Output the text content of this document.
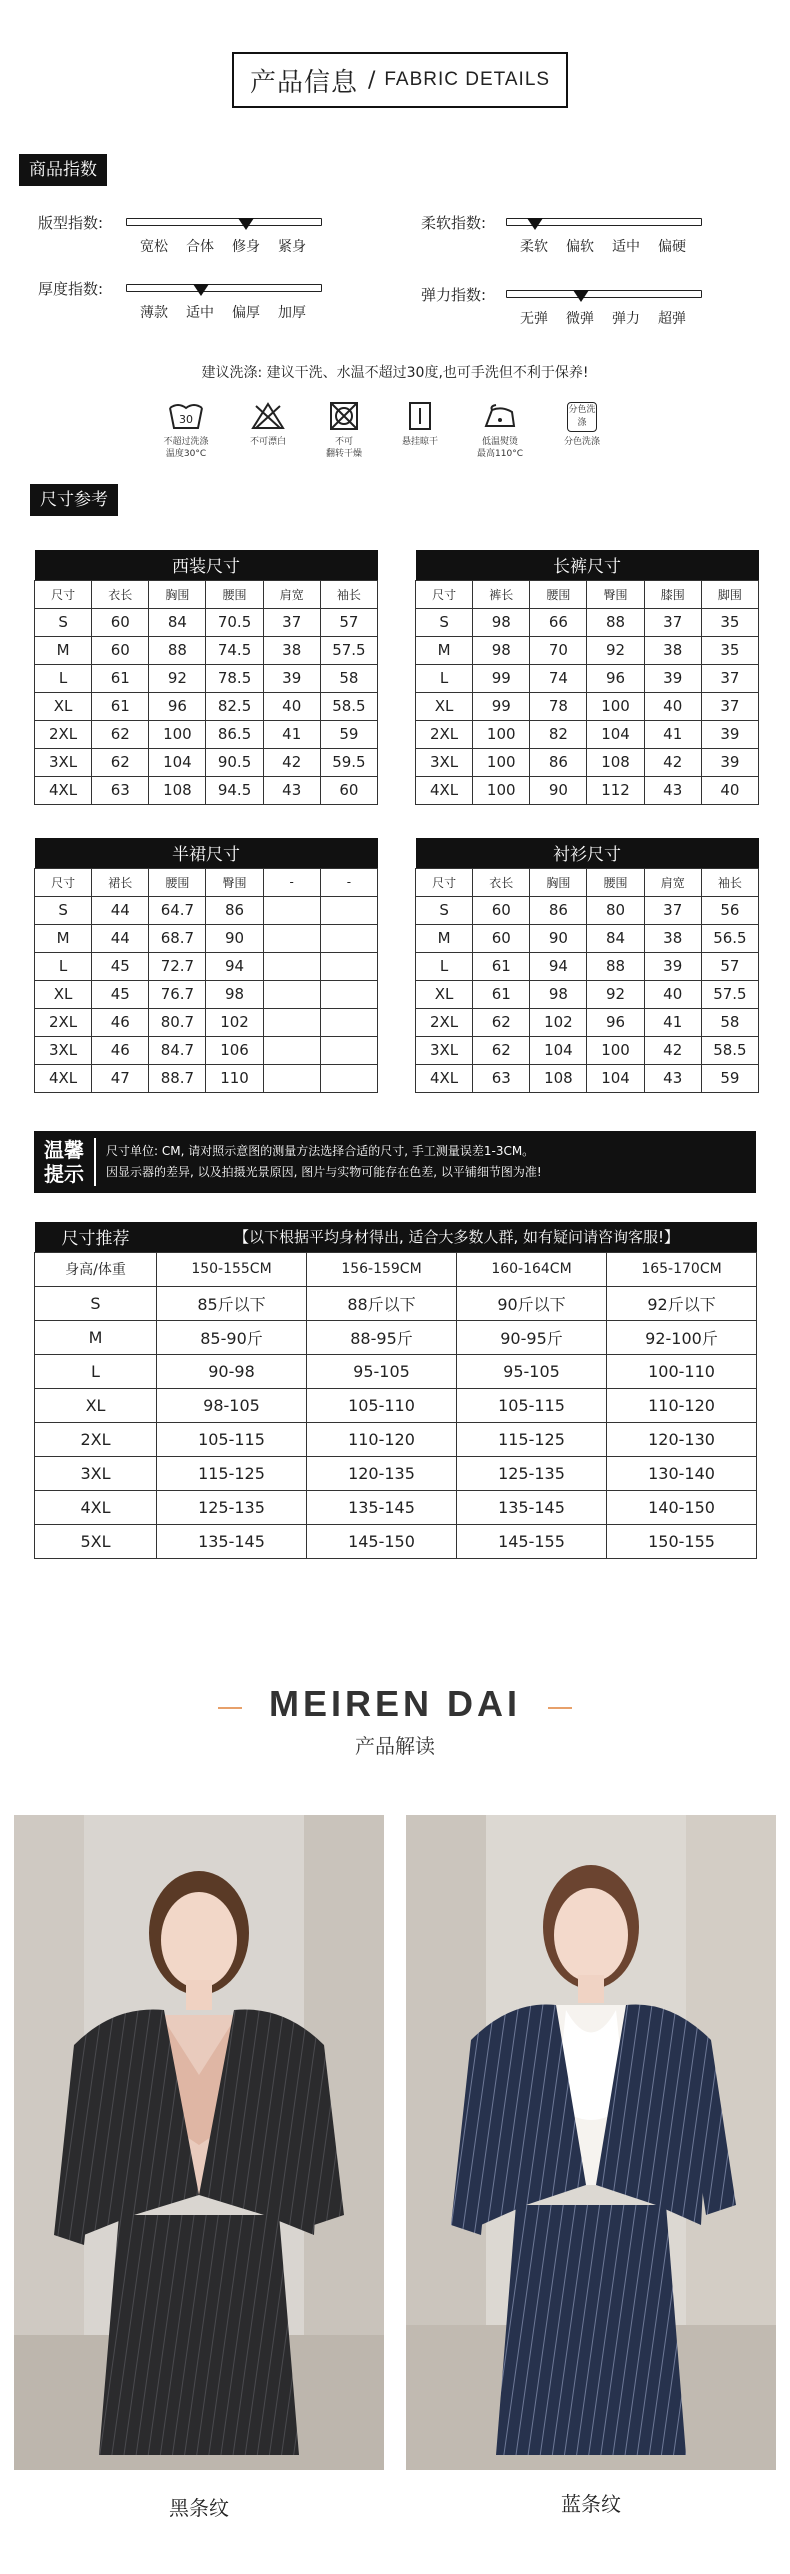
产品信息 / FABRIC DETAILS
商品指数
版型指数:
宽松 合体 修身 紧身
柔软指数:
柔软 偏软 适中 偏硬
厚度指数:
薄款 适中 偏厚 加厚
弹力指数:
无弹 微弹 弹力 超弹
建议洗涤: 建议干洗、水温不超过30度,也可手洗但不利于保养!
30
不超过洗涤
温度30°C
不可漂白	不可
翻转干燥
悬挂晾干	低温熨烫
最高110°C
分色洗涤
分色洗涤
尺寸参考
西装尺寸					
尺寸	衣长	胸围	腰围	肩宽	袖长
S	60	84	70.5	37	57
M	60	88	74.5	38	57.5
L	61	92	78.5	39	58
XL	61	96	82.5	40	58.5
2XL	62	100	86.5	41	59
3XL	62	104	90.5	42	59.5
4XL	63	108	94.5	43	60
长裤尺寸					
尺寸	裤长	腰围	臀围	膝围	脚围
S	98	66	88	37	35
M	98	70	92	38	35
L	99	74	96	39	37
XL	99	78	100	40	37
2XL	100	82	104	41	39
3XL	100	86	108	42	39
4XL	100	90	112	43	40
半裙尺寸					
尺寸	裙长	腰围	臀围	-	-
S	44	64.7	86		
M	44	68.7	90		
L	45	72.7	94		
XL	45	76.7	98		
2XL	46	80.7	102		
3XL	46	84.7	106		
4XL	47	88.7	110		
衬衫尺寸					
尺寸	衣长	胸围	腰围	肩宽	袖长
S	60	86	80	37	56
M	60	90	84	38	56.5
L	61	94	88	39	57
XL	61	98	92	40	57.5
2XL	62	102	96	41	58
3XL	62	104	100	42	58.5
4XL	63	108	104	43	59
温馨
提示
尺寸单位: CM, 请对照示意图的测量方法选择合适的尺寸, 手工测量误差1-3CM。
因显示器的差异, 以及拍摄光景原因, 图片与实物可能存在色差, 以平铺细节图为准!
尺寸推荐	【以下根据平均身材得出, 适合大多数人群, 如有疑问请咨询客服!】			
身高/体重	150-155CM	156-159CM	160-164CM	165-170CM
S	85斤以下	88斤以下	90斤以下	92斤以下
M	85-90斤	88-95斤	90-95斤	92-100斤
L	90-98	95-105	95-105	100-110
XL	98-105	105-110	105-115	110-120
2XL	105-115	110-120	115-125	120-130
3XL	115-125	120-135	125-135	130-140
4XL	125-135	135-145	135-145	140-150
5XL	135-145	145-150	145-155	150-155
MEIREN DAI
产品解读
黑条纹	蓝条纹
